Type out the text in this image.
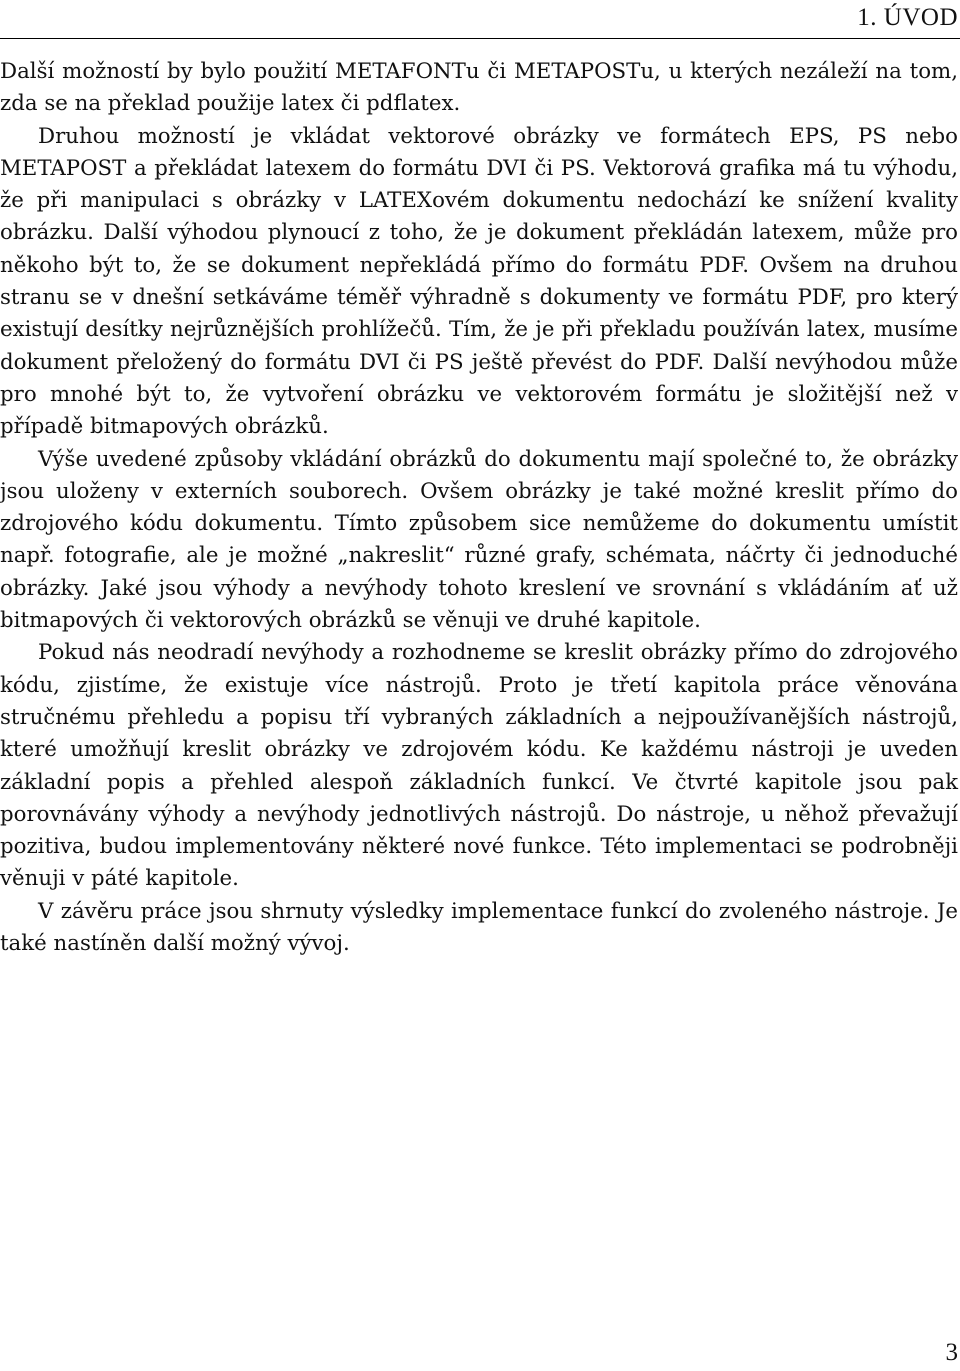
1. ÚVOD

Další možností by bylo použití METAFONTu či METAPOSTu, u kterých nezáleží na tom, zda se na překlad použije latex či pdflatex.

Druhou možností je vkládat vektorové obrázky ve formátech EPS, PS nebo METAPOST a překládat latexem do formátu DVI či PS. Vektorová grafika má tu výhodu, že při manipulaci s obrázky v LATEXovém dokumentu nedochází ke snížení kvality obrázku. Další výhodou plynoucí z toho, že je dokument překládán latexem, může pro někoho být to, že se dokument nepřekládá přímo do formátu PDF. Ovšem na druhou stranu se v dnešní setkáváme téměř výhradně s dokumenty ve formátu PDF, pro který existují desítky nejrůznějších prohlížečů. Tím, že je při překladu používán latex, musíme dokument přeložený do formátu DVI či PS ještě převést do PDF. Další nevýhodou může pro mnohé být to, že vytvoření obrázku ve vektorovém formátu je složitější než v případě bitmapových obrázků.

Výše uvedené způsoby vkládání obrázků do dokumentu mají společné to, že obrázky jsou uloženy v externích souborech. Ovšem obrázky je také možné kreslit přímo do zdrojového kódu dokumentu. Tímto způsobem sice nemůžeme do dokumentu umístit např. fotografie, ale je možné „nakreslit“ různé grafy, schémata, náčrty či jednoduché obrázky. Jaké jsou výhody a nevýhody tohoto kreslení ve srovnání s vkládáním ať už bitmapových či vektorových obrázků se věnuji ve druhé kapitole.

Pokud nás neodradí nevýhody a rozhodneme se kreslit obrázky přímo do zdrojového kódu, zjistíme, že existuje více nástrojů. Proto je třetí kapitola práce věnována stručnému přehledu a popisu tří vybraných základních a nejpoužívanějších nástrojů, které umožňují kreslit obrázky ve zdrojovém kódu. Ke každému nástroji je uveden základní popis a přehled alespoň základních funkcí. Ve čtvrté kapitole jsou pak porovnávány výhody a nevýhody jednotlivých nástrojů. Do nástroje, u něhož převažují pozitiva, budou implementovány některé nové funkce. Této implementaci se podrobněji věnuji v páté kapitole.

V závěru práce jsou shrnuty výsledky implementace funkcí do zvoleného nástroje. Je také nastíněn další možný vývoj.

3
